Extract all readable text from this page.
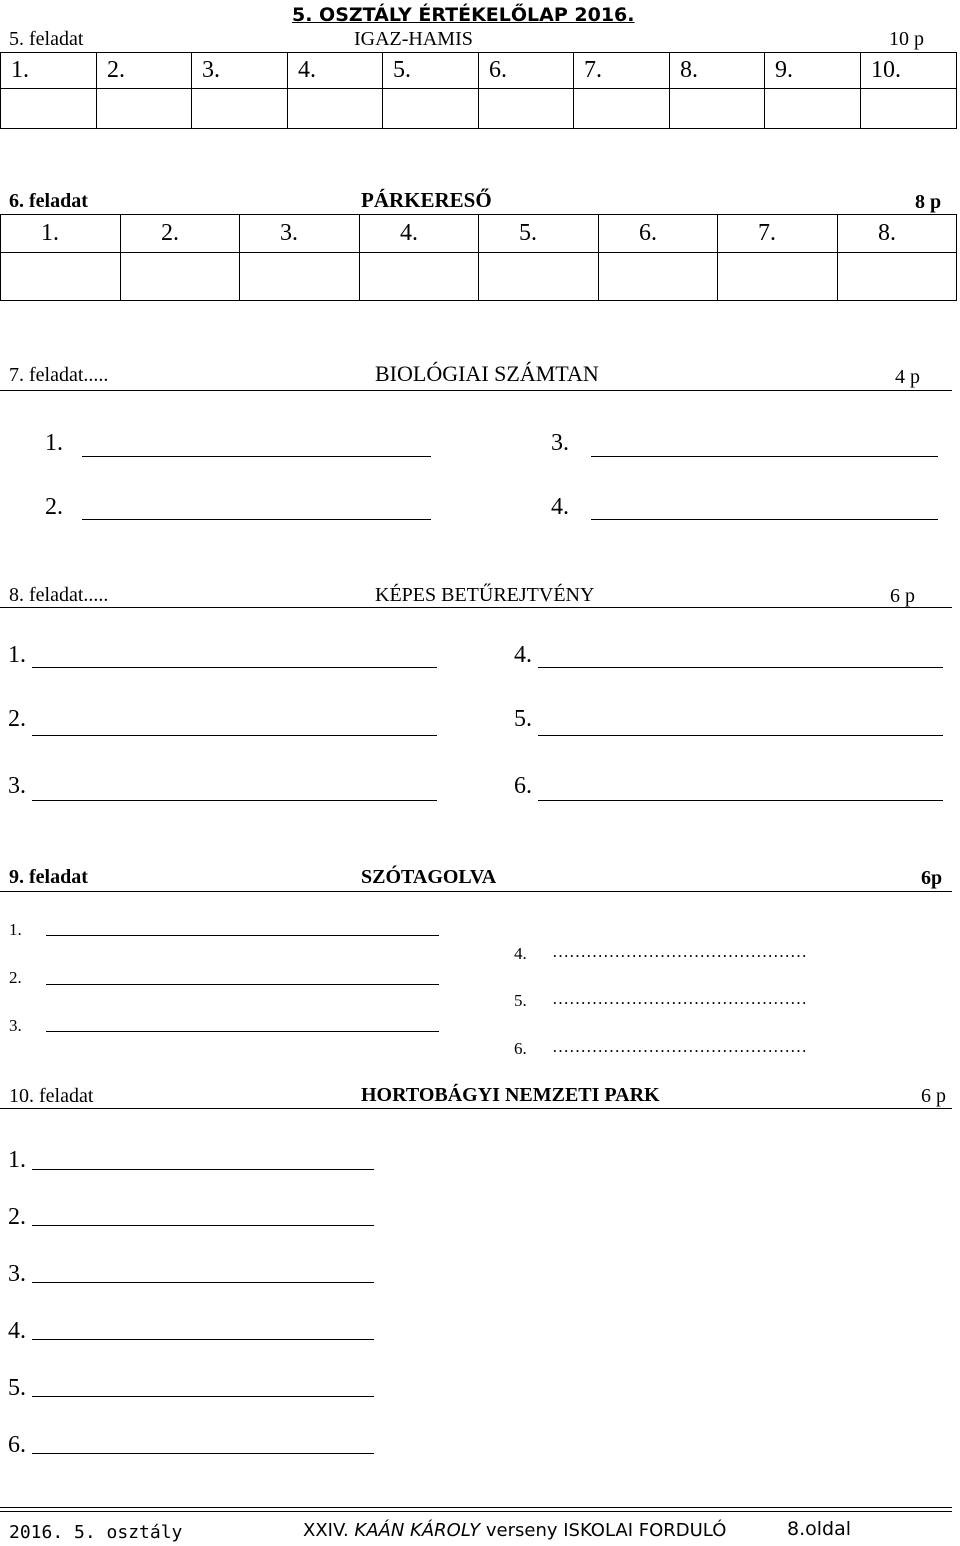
5. OSZTÁLY ÉRTÉKELŐLAP 2016.
5. feladat	IGAZ-HAMIS	10 p
1.	2.	3.	4.	5.	6.	7.	8.	9.	10.

6. feladat	PÁRKERESŐ	8 p
1.	2.	3.	4.	5.	6.	7.	8.

7. feladat.....	BIOLÓGIAI SZÁMTAN	4 p
1.
2.
3.
4.
8. feladat.....	KÉPES BETŰREJTVÉNY	6 p
1.
2.
3.
4.
5.
6.
9. feladat	SZÓTAGOLVA	6p
1.
2.
3.
4. ………………………………………
5. ………………………………………
6. ………………………………………
10. feladat	HORTOBÁGYI NEMZETI PARK	6 p
1.
2.
3.
4.
5.
6.
2016. 5. osztály	XXIV. KAÁN KÁROLY verseny ISKOLAI FORDULÓ	8.oldal
